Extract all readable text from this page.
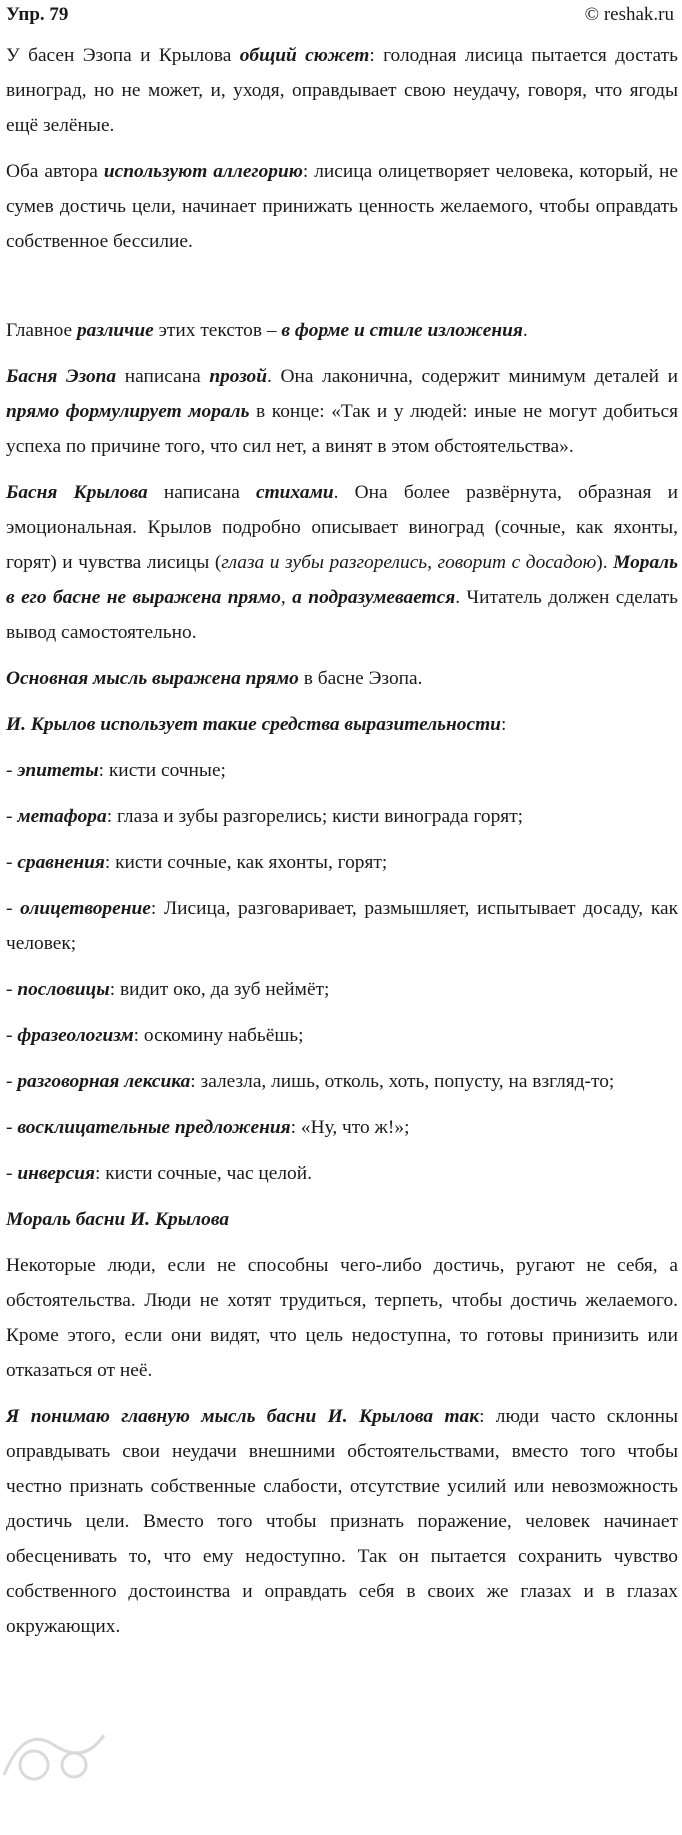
Упр. 79	© reshak.ru

У басен Эзопа и Крылова общий сюжет: голодная лисица пытается достать виноград, но не может, и, уходя, оправдывает свою неудачу, говоря, что ягоды ещё зелёные.

Оба автора используют аллегорию: лисица олицетворяет человека, который, не сумев достичь цели, начинает принижать ценность желаемого, чтобы оправдать собственное бессилие.

Главное различие этих текстов – в форме и стиле изложения.

Басня Эзопа написана прозой. Она лаконична, содержит минимум деталей и прямо формулирует мораль в конце: «Так и у людей: иные не могут добиться успеха по причине того, что сил нет, а винят в этом обстоятельства».

Басня Крылова написана стихами. Она более развёрнута, образная и эмоциональная. Крылов подробно описывает виноград (сочные, как яхонты, горят) и чувства лисицы (глаза и зубы разгорелись, говорит с досадою). Мораль в его басне не выражена прямо, а подразумевается. Читатель должен сделать вывод самостоятельно.

Основная мысль выражена прямо в басне Эзопа.

И. Крылов использует такие средства выразительности:

- эпитеты: кисти сочные;

- метафора: глаза и зубы разгорелись; кисти винограда горят;

- сравнения: кисти сочные, как яхонты, горят;

- олицетворение: Лисица, разговаривает, размышляет, испытывает досаду, как человек;

- пословицы: видит око, да зуб неймёт;

- фразеологизм: оскомину набьёшь;

- разговорная лексика: залезла, лишь, отколь, хоть, попусту, на взгляд-то;

- восклицательные предложения: «Ну, что ж!»;

- инверсия: кисти сочные, час целой.

Мораль басни И. Крылова

Некоторые люди, если не способны чего-либо достичь, ругают не себя, а обстоятельства. Люди не хотят трудиться, терпеть, чтобы достичь желаемого. Кроме этого, если они видят, что цель недоступна, то готовы принизить или отказаться от неё.

Я понимаю главную мысль басни И. Крылова так: люди часто склонны оправдывать свои неудачи внешними обстоятельствами, вместо того чтобы честно признать собственные слабости, отсутствие усилий или невозможность достичь цели. Вместо того чтобы признать поражение, человек начинает обесценивать то, что ему недоступно. Так он пытается сохранить чувство собственного достоинства и оправдать себя в своих же глазах и в глазах окружающих.
